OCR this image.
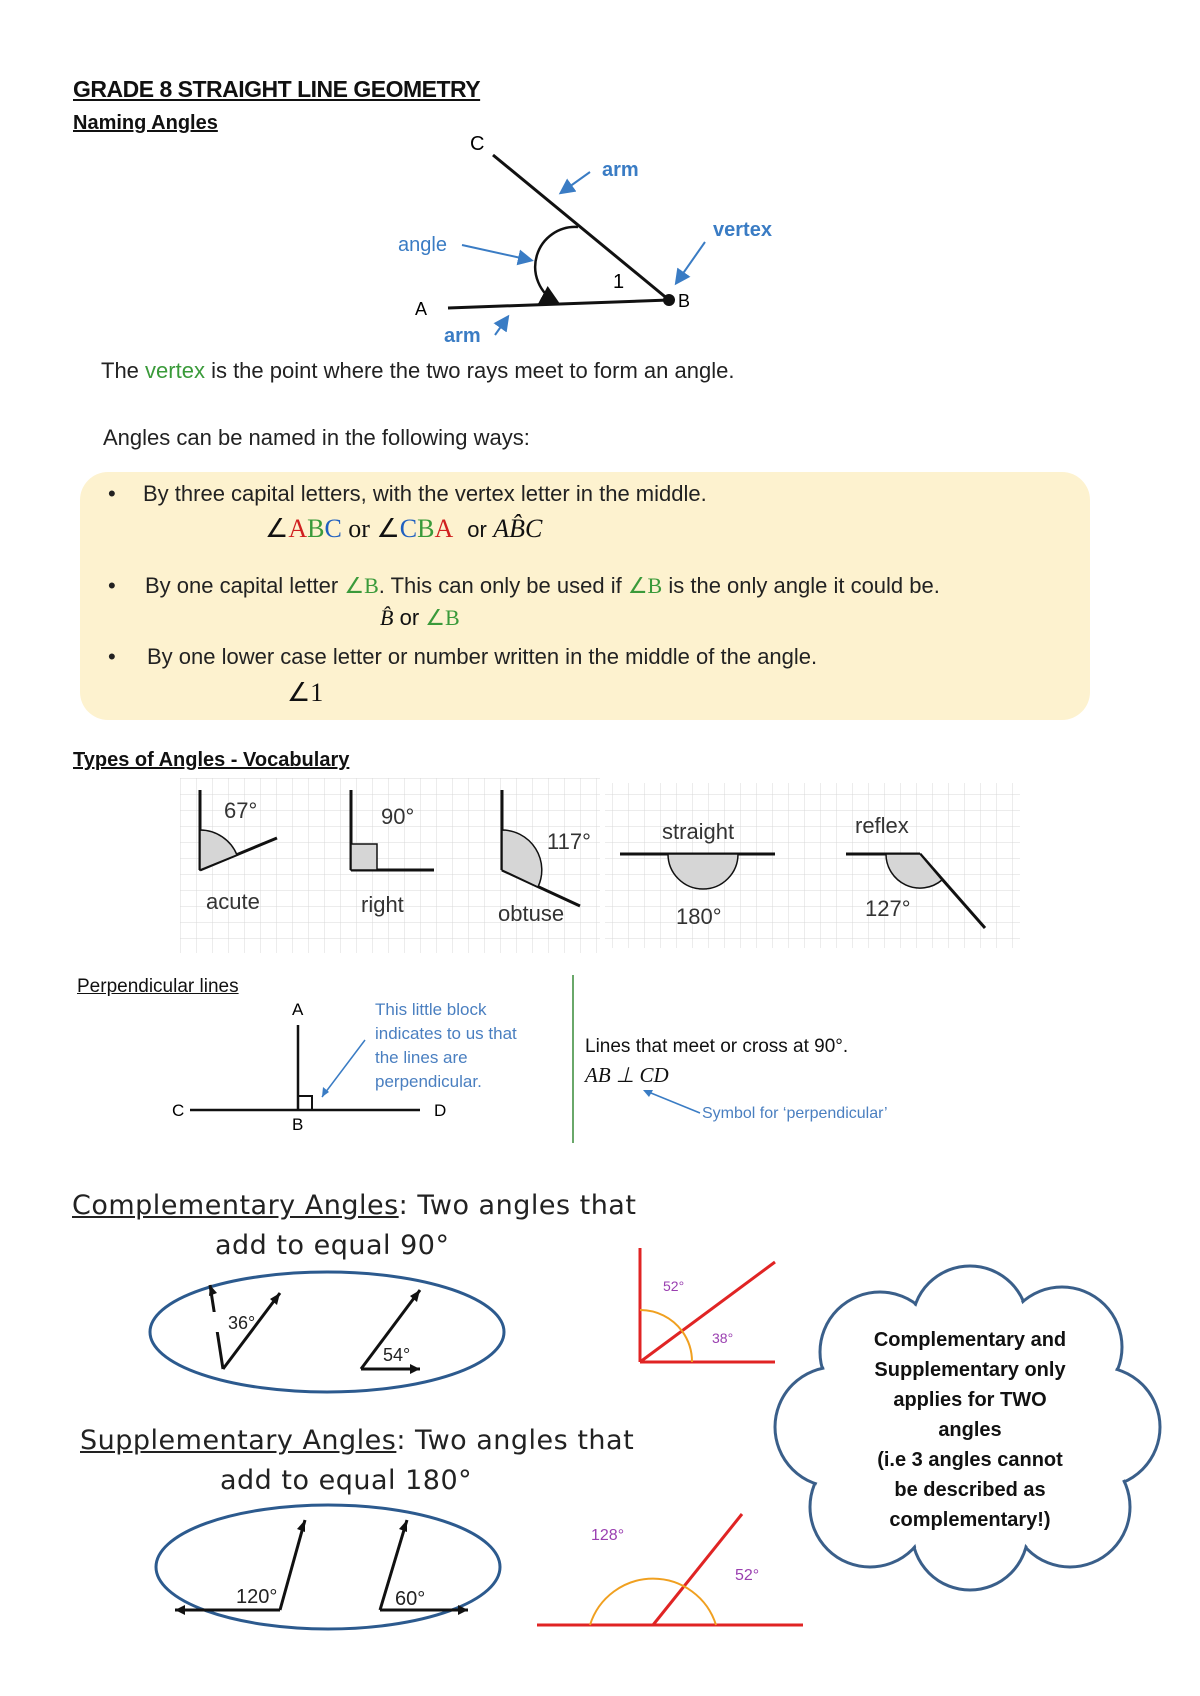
GRADE 8 STRAIGHT LINE GEOMETRY
Naming Angles
C
A	B
1
arm
vertex
angle
arm
The vertex is the point where the two rays meet to form an angle.
Angles can be named in the following ways:
• By three capital letters, with the vertex letter in the middle.
∠ABC or ∠CBA or AB̂C
• By one capital letter ∠B. This can only be used if ∠B is the only angle it could be.
B̂ or ∠B
• By one lower case letter or number written in the middle of the angle.
∠1
Types of Angles - Vocabulary
67°
acute
90°
right
117°
obtuse
straight
180°
reflex
127°
Perpendicular lines
A
B
C	D
This little block
indicates to us that
the lines are
perpendicular.
Lines that meet or cross at 90°.
AB ⊥ CD
Symbol for ‘perpendicular’
Complementary Angles: Two angles that
add to equal 90°
36°
54°
52°
38°
Supplementary Angles: Two angles that
add to equal 180°
120°	60°
128°
52°
Complementary and
Supplementary only
applies for TWO
angles
(i.e 3 angles cannot
be described as
complementary!)
